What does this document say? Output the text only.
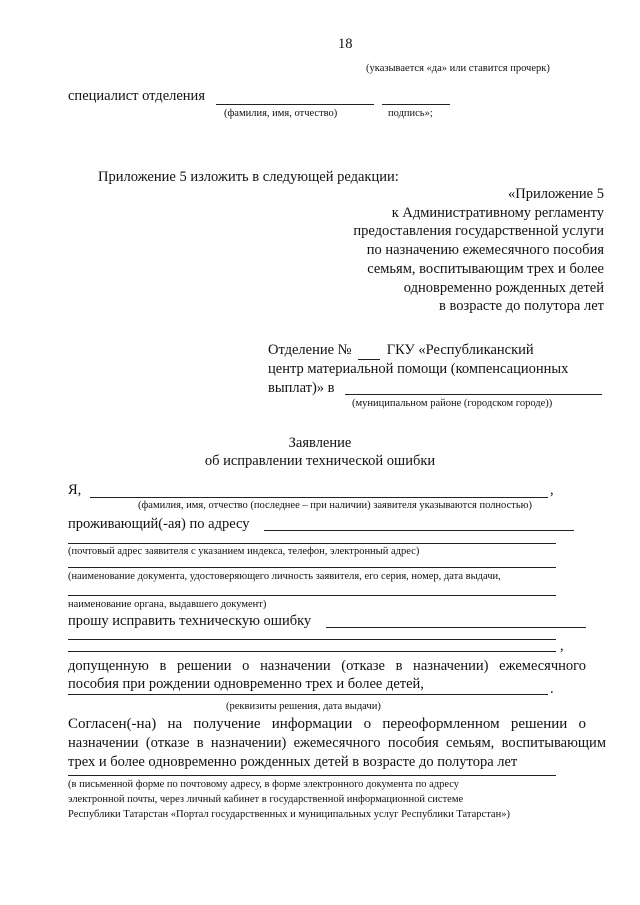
18
(указывается «да» или ставится прочерк)
специалист отделения
(фамилия, имя, отчество)	подпись»;
Приложение 5 изложить в следующей редакции:
«Приложение 5
к Административному регламенту
предоставления государственной услуги
по назначению ежемесячного пособия
семьям, воспитывающим трех и более
одновременно рожденных детей
в возрасте до полутора лет
Отделение № ГКУ «Республиканский
центр материальной помощи (компенсационных
выплат)» в
(муниципальном районе (городском городе))
Заявление
об исправлении технической ошибки
Я,	,
(фамилия, имя, отчество (последнее – при наличии) заявителя указываются полностью)
проживающий(-ая) по адресу
(почтовый адрес заявителя с указанием индекса, телефон, электронный адрес)
(наименование документа, удостоверяющего личность заявителя, его серия, номер, дата выдачи,
наименование органа, выдавшего документ)
прошу исправить техническую ошибку
,
допущенную в решении о назначении (отказе в назначении) ежемесячного
пособия при рождении одновременно трех и более детей,	.
(реквизиты решения, дата выдачи)
Согласен(-на) на получение информации о переоформленном решении о
назначении (отказе в назначении) ежемесячного пособия семьям, воспитывающим
трех и более одновременно рожденных детей в возрасте до полутора лет
(в письменной форме по почтовому адресу, в форме электронного документа по адресу
электронной почты, через личный кабинет в государственной информационной системе
Республики Татарстан «Портал государственных и муниципальных услуг Республики Татарстан»)
